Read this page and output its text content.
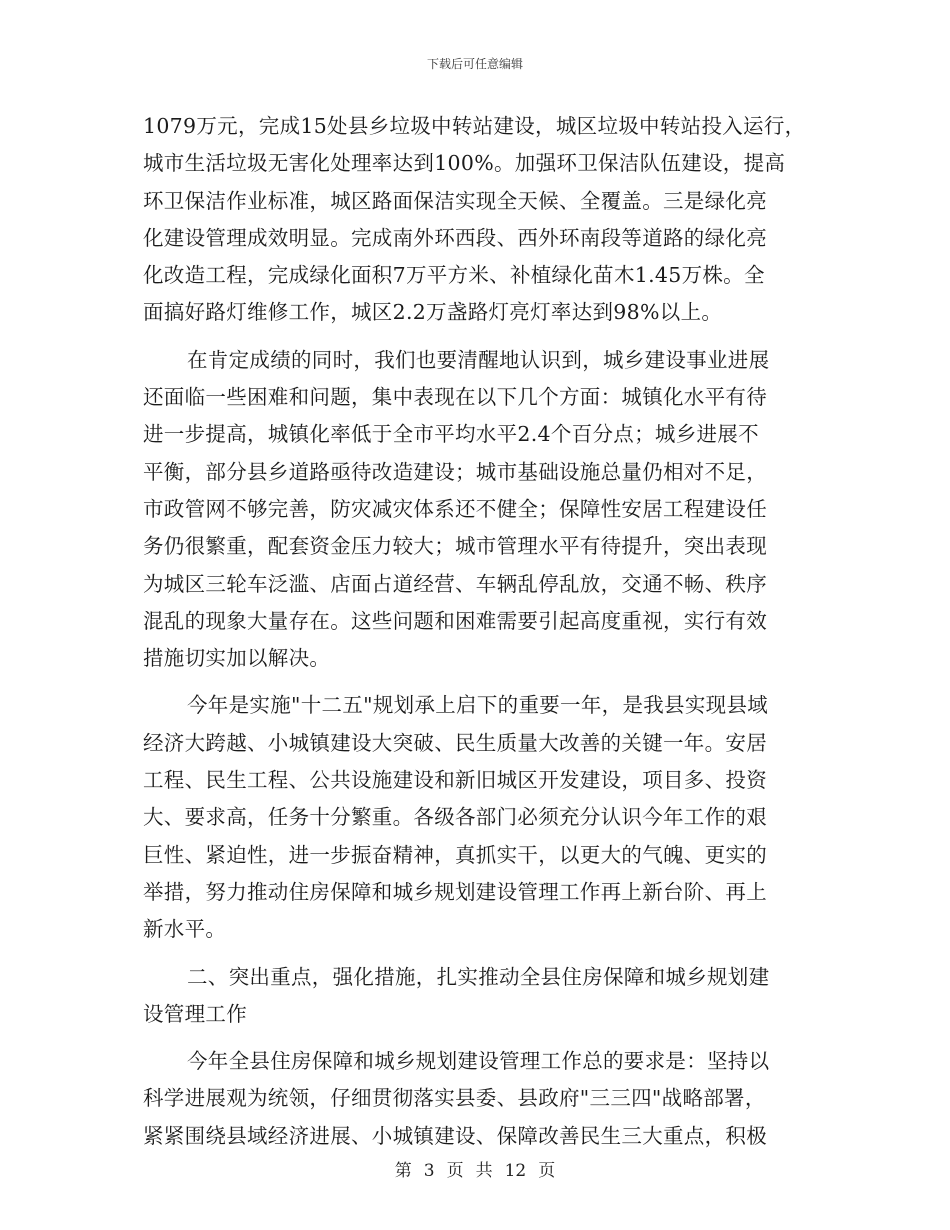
下载后可任意编辑
1079万元，完成15处县乡垃圾中转站建设，城区垃圾中转站投入运行，
城市生活垃圾无害化处理率达到100%。加强环卫保洁队伍建设，提高
环卫保洁作业标准，城区路面保洁实现全天候、全覆盖。三是绿化亮
化建设管理成效明显。完成南外环西段、西外环南段等道路的绿化亮
化改造工程，完成绿化面积7万平方米、补植绿化苗木1.45万株。全
面搞好路灯维修工作，城区2.2万盏路灯亮灯率达到98%以上。
在肯定成绩的同时，我们也要清醒地认识到，城乡建设事业进展
还面临一些困难和问题，集中表现在以下几个方面：城镇化水平有待
进一步提高，城镇化率低于全市平均水平2.4个百分点；城乡进展不
平衡，部分县乡道路亟待改造建设；城市基础设施总量仍相对不足，
市政管网不够完善，防灾减灾体系还不健全；保障性安居工程建设任
务仍很繁重，配套资金压力较大；城市管理水平有待提升，突出表现
为城区三轮车泛滥、店面占道经营、车辆乱停乱放，交通不畅、秩序
混乱的现象大量存在。这些问题和困难需要引起高度重视，实行有效
措施切实加以解决。
今年是实施"十二五"规划承上启下的重要一年，是我县实现县域
经济大跨越、小城镇建设大突破、民生质量大改善的关键一年。安居
工程、民生工程、公共设施建设和新旧城区开发建设，项目多、投资
大、要求高，任务十分繁重。各级各部门必须充分认识今年工作的艰
巨性、紧迫性，进一步振奋精神，真抓实干，以更大的气魄、更实的
举措，努力推动住房保障和城乡规划建设管理工作再上新台阶、再上
新水平。
二、突出重点，强化措施，扎实推动全县住房保障和城乡规划建
设管理工作
今年全县住房保障和城乡规划建设管理工作总的要求是：坚持以
科学进展观为统领，仔细贯彻落实县委、县政府"三三四"战略部署，
紧紧围绕县域经济进展、小城镇建设、保障改善民生三大重点，积极
第 3 页 共 12 页
